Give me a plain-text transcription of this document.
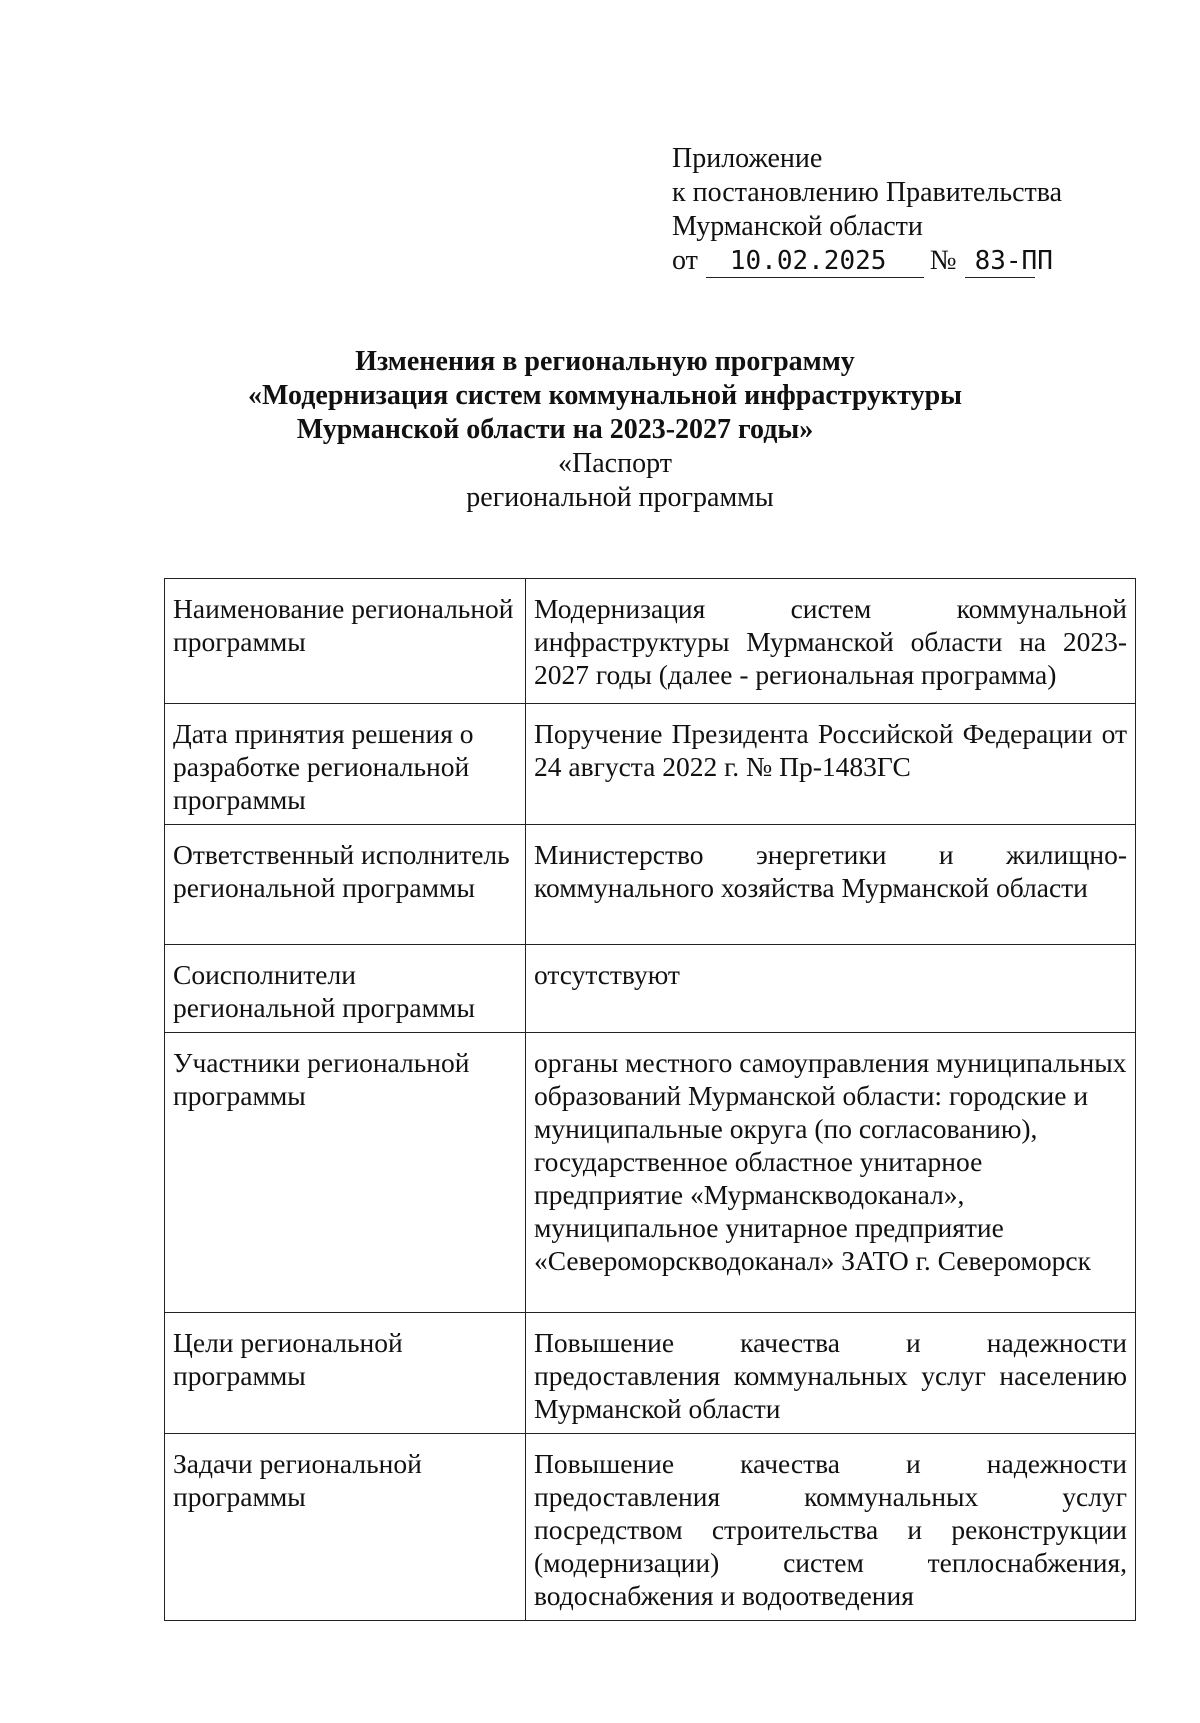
Приложение
к постановлению Правительства
Мурманской области
от	10.02.2025	№ 83-ПП
Изменения в региональную программу
«Модернизация систем коммунальной инфраструктуры
Мурманской области на 2023-2027 годы»
«Паспорт
региональной программы
Наименование региональной программы	Модернизация систем коммунальной инфраструктуры Мурманской области на 2023-2027 годы (далее - региональная программа)
Дата принятия решения о разработке региональной программы	Поручение Президента Российской Федерации от 24 августа 2022 г. № Пр-1483ГС
Ответственный исполнитель региональной программы	Министерство энергетики и жилищно-коммунального хозяйства Мурманской области
Соисполнители региональной программы	отсутствуют
Участники региональной программы	органы местного самоуправления муниципальных образований Мурманской области: городские и муниципальные округа (по согласованию), государственное областное унитарное предприятие «Мурманскводоканал», муниципальное унитарное предприятие «Североморскводоканал» ЗАТО г. Североморск
Цели региональной программы	Повышение качества и надежности предоставления коммунальных услуг населению Мурманской области
Задачи региональной программы	Повышение качества и надежности предоставления коммунальных услуг посредством строительства и реконструкции (модернизации) систем теплоснабжения, водоснабжения и водоотведения
